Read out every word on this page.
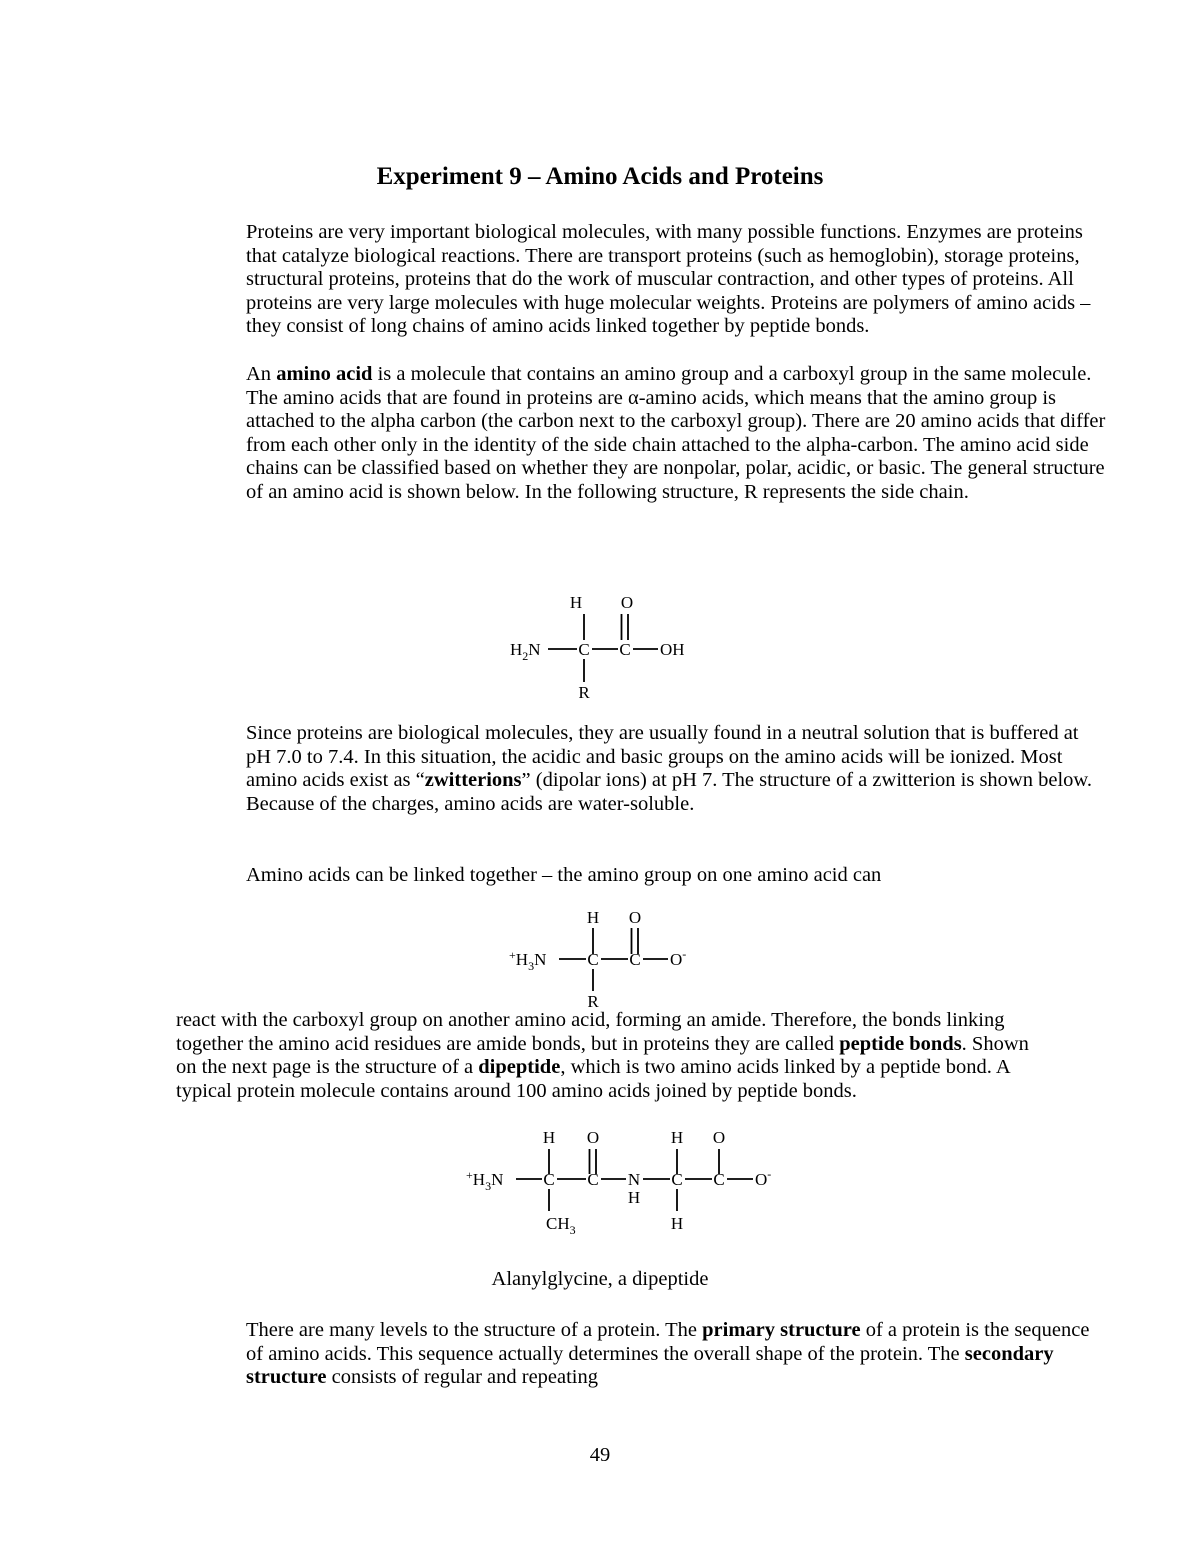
Experiment 9 – Amino Acids and Proteins

Proteins are very important biological molecules, with many possible functions. Enzymes are proteins that catalyze biological reactions. There are transport proteins (such as hemoglobin), storage proteins, structural proteins, proteins that do the work of muscular contraction, and other types of proteins. All proteins are very large molecules with huge molecular weights. Proteins are polymers of amino acids – they consist of long chains of amino acids linked together by peptide bonds.

An amino acid is a molecule that contains an amino group and a carboxyl group in the same molecule. The amino acids that are found in proteins are α-amino acids, which means that the amino group is attached to the alpha carbon (the carbon next to the carboxyl group). There are 20 amino acids that differ from each other only in the identity of the side chain attached to the alpha-carbon. The amino acid side chains can be classified based on whether they are nonpolar, polar, acidic, or basic. The general structure of an amino acid is shown below. In the following structure, R represents the side chain.

H O
$H_2N$ C C OH
R

Since proteins are biological molecules, they are usually found in a neutral solution that is buffered at pH 7.0 to 7.4. In this situation, the acidic and basic groups on the amino acids will be ionized. Most amino acids exist as “zwitterions” (dipolar ions) at pH 7. The structure of a zwitterion is shown below. Because of the charges, amino acids are water-soluble.

Amino acids can be linked together – the amino group on one amino acid can

H O
$^+H_3N$ C C O-
R

react with the carboxyl group on another amino acid, forming an amide. Therefore, the bonds linking together the amino acid residues are amide bonds, but in proteins they are called peptide bonds. Shown on the next page is the structure of a dipeptide, which is two amino acids linked by a peptide bond. A typical protein molecule contains around 100 amino acids joined by peptide bonds.

H O	H O
$^+H_3N$ C C N
H
C C O-
$CH_3$	H
Alanylglycine, a dipeptide

There are many levels to the structure of a protein. The primary structure of a protein is the sequence of amino acids. This sequence actually determines the overall shape of the protein. The secondary structure consists of regular and repeating

49
